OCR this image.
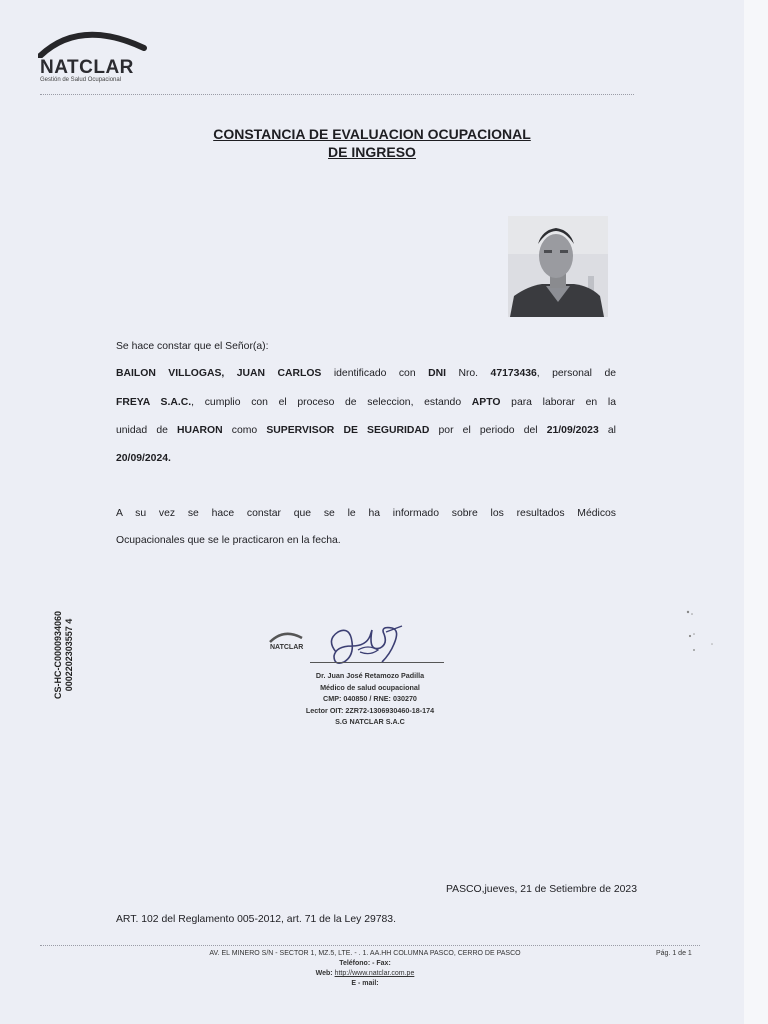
NATCLAR
Gestión de Salud Ocupacional
CONSTANCIA DE EVALUACION OCUPACIONAL
DE INGRESO
Se hace constar que el Señor(a):
BAILON VILLOGAS, JUAN CARLOS identificado con DNI Nro. 47173436, personal de
FREYA S.A.C., cumplio con el proceso de seleccion, estando APTO para laborar en la
unidad de HUARON como SUPERVISOR DE SEGURIDAD por el periodo del 21/09/2023 al
20/09/2024.
A su vez se hace constar que se le ha informado sobre los resultados Médicos
Ocupacionales que se le practicaron en la fecha.
CS-HC-C0000934060 0002202303557 4	NATCLAR
Dr. Juan José Retamozo Padilla
Médico de salud ocupacional
CMP: 040850 / RNE: 030270
Lector OIT: 2ZR72-1306930460-18-174
S.G NATCLAR S.A.C
PASCO,jueves, 21 de Setiembre de 2023
ART. 102 del Reglamento 005-2012, art. 71 de la Ley 29783.
AV. EL MINERO S/N - SECTOR 1, MZ.5, LTE. - . 1. AA.HH COLUMNA PASCO, CERRO DE PASCO
Teléfono: - Fax:
Web: http://www.natclar.com.pe
E - mail:
Pág. 1 de 1
